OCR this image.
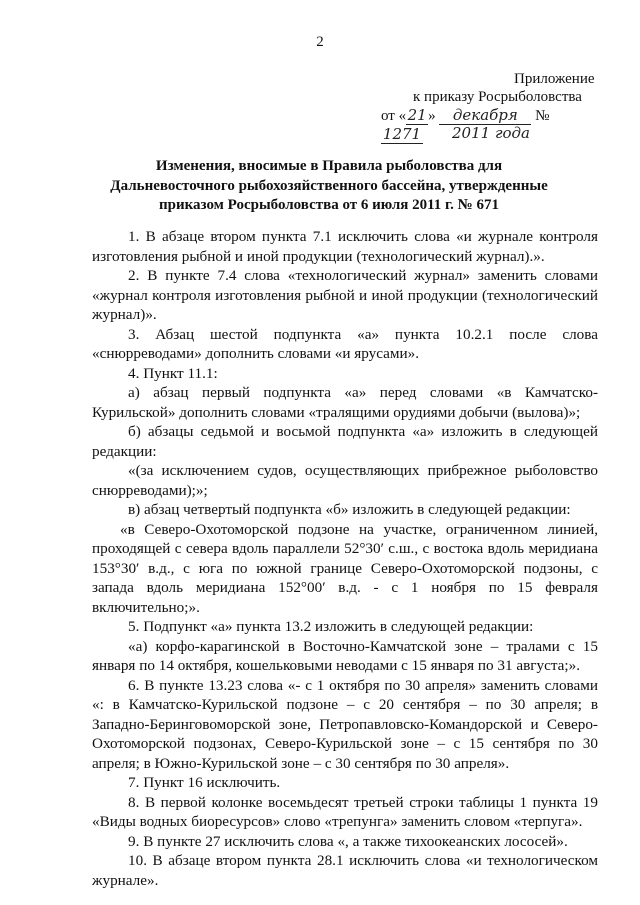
2
Приложение
к приказу Росрыболовства
от «21» декабря № 1271	2011 года
Изменения, вносимые в Правила рыболовства для Дальневосточного рыбохозяйственного бассейна, утвержденные приказом Росрыболовства от 6 июля 2011 г. № 671

1. В абзаце втором пункта 7.1 исключить слова «и журнале контроля изготовления рыбной и иной продукции (технологический журнал).».

2. В пункте 7.4 слова «технологический журнал» заменить словами «журнал контроля изготовления рыбной и иной продукции (технологический журнал)».

3. Абзац шестой подпункта «а» пункта 10.2.1 после слова «снюрреводами» дополнить словами «и ярусами».

4. Пункт 11.1:

а) абзац первый подпункта «а» перед словами «в Камчатско-Курильской» дополнить словами «тралящими орудиями добычи (вылова)»;

б) абзацы седьмой и восьмой подпункта «а» изложить в следующей редакции:

«(за исключением судов, осуществляющих прибрежное рыболовство снюрреводами);»;

в) абзац четвертый подпункта «б» изложить в следующей редакции:

«в Северо-Охотоморской подзоне на участке, ограниченном линией, проходящей с севера вдоль параллели 52°30′ с.ш., с востока вдоль меридиана 153°30′ в.д., с юга по южной границе Северо-Охотоморской подзоны, с запада вдоль меридиана 152°00′ в.д. - с 1 ноября по 15 февраля включительно;».

5. Подпункт «а» пункта 13.2 изложить в следующей редакции:

«а) корфо-карагинской в Восточно-Камчатской зоне – тралами с 15 января по 14 октября, кошельковыми неводами с 15 января по 31 августа;».

6. В пункте 13.23 слова «- с 1 октября по 30 апреля» заменить словами «: в Камчатско-Курильской подзоне – с 20 сентября – по 30 апреля; в Западно-Беринговоморской зоне, Петропавловско-Командорской и Северо-Охотоморской подзонах, Северо-Курильской зоне – с 15 сентября по 30 апреля; в Южно-Курильской зоне – с 30 сентября по 30 апреля».

7. Пункт 16 исключить.

8. В первой колонке восемьдесят третьей строки таблицы 1 пункта 19 «Виды водных биоресурсов» слово «трепунга» заменить словом «терпуга».

9. В пункте 27 исключить слова «, а также тихоокеанских лососей».

10. В абзаце втором пункта 28.1 исключить слова «и технологическом журнале».
